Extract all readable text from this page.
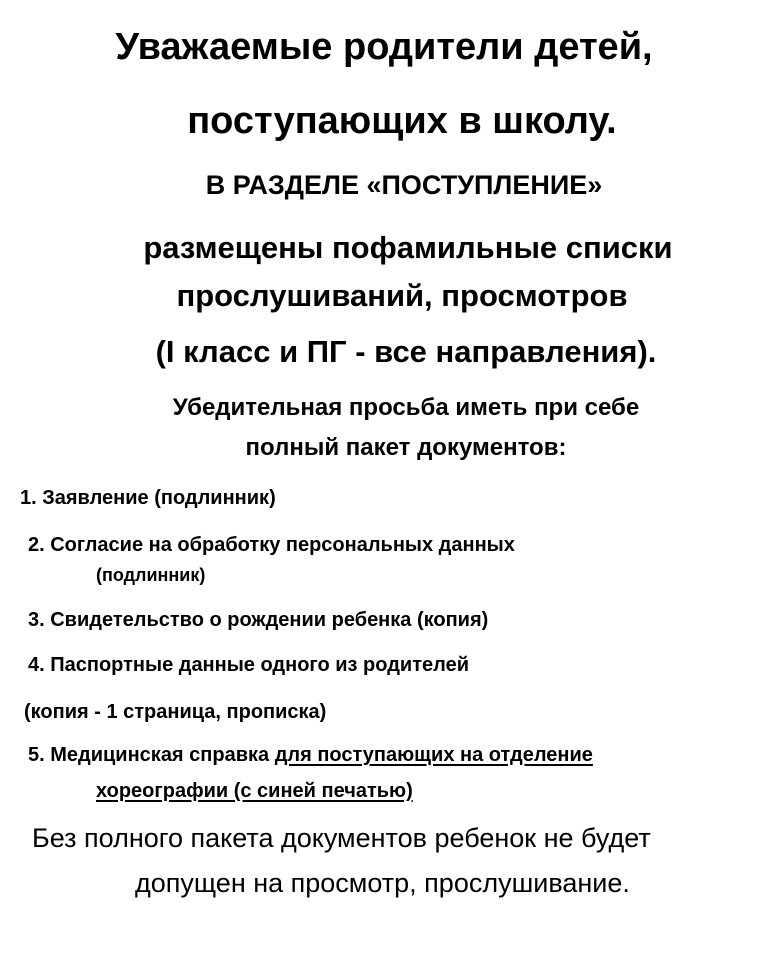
Уважаемые родители детей,
поступающих в школу.
В РАЗДЕЛЕ «ПОСТУПЛЕНИЕ»
размещены пофамильные списки
прослушиваний, просмотров
(I класс и ПГ - все направления).
Убедительная просьба иметь при себе
полный пакет документов:
1. Заявление (подлинник)
2. Согласие на обработку персональных данных
(подлинник)
3. Свидетельство о рождении ребенка (копия)
4. Паспортные данные одного из родителей
(копия - 1 страница, прописка)
5. Медицинская справка для поступающих на отделение
хореографии (с синей печатью)
Без полного пакета документов ребенок не будет
допущен на просмотр, прослушивание.
